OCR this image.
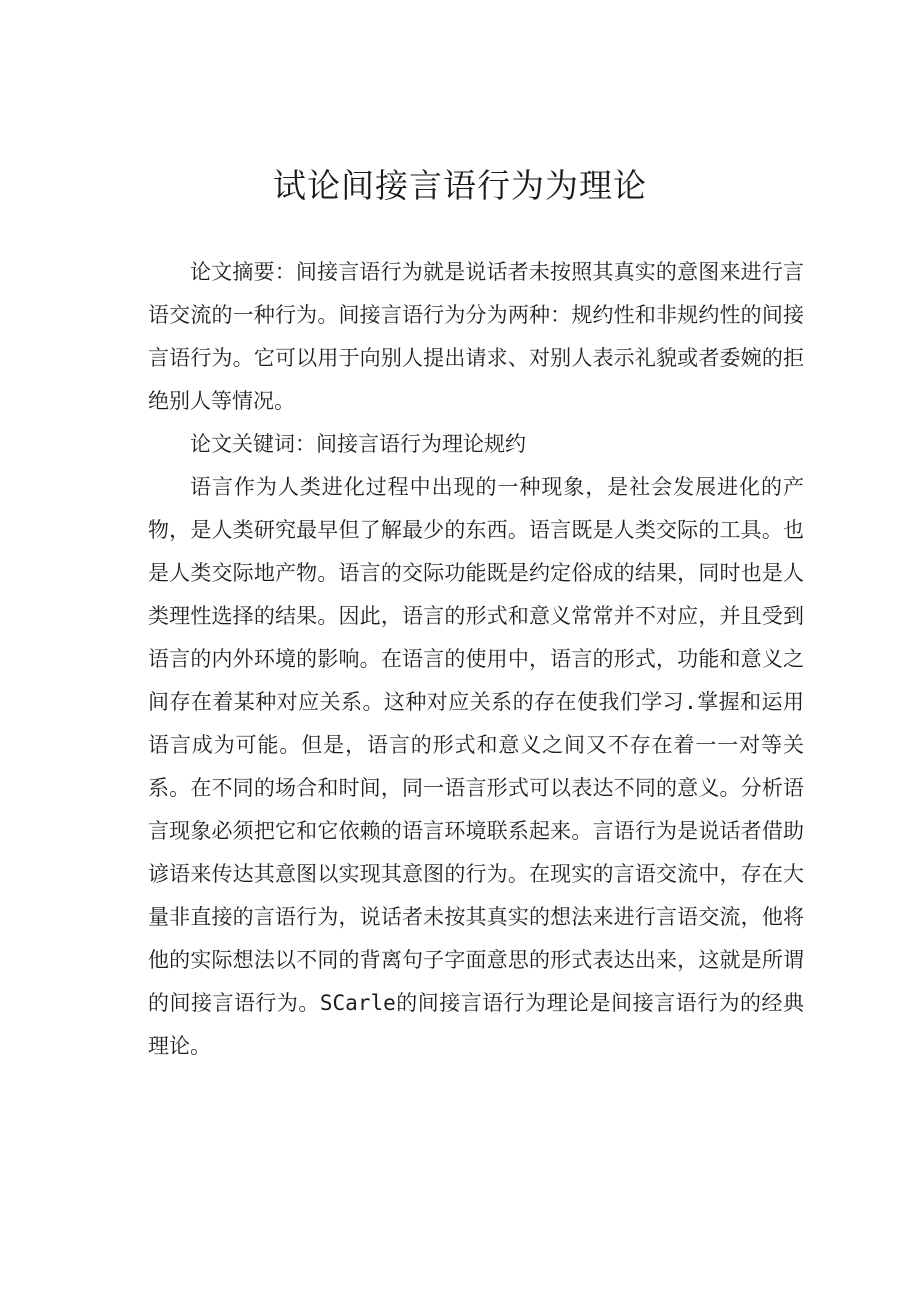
试论间接言语行为为理论

论文摘要：间接言语行为就是说话者未按照其真实的意图来进行言语交流的一种行为。间接言语行为分为两种：规约性和非规约性的间接言语行为。它可以用于向别人提出请求、对别人表示礼貌或者委婉的拒绝别人等情况。

论文关键词：间接言语行为理论规约

语言作为人类进化过程中出现的一种现象，是社会发展进化的产物，是人类研究最早但了解最少的东西。语言既是人类交际的工具。也是人类交际地产物。语言的交际功能既是约定俗成的结果，同时也是人类理性选择的结果。因此，语言的形式和意义常常并不对应，并且受到语言的内外环境的影响。在语言的使用中，语言的形式，功能和意义之间存在着某种对应关系。这种对应关系的存在使我们学习.掌握和运用语言成为可能。但是，语言的形式和意义之间又不存在着一一对等关系。在不同的场合和时间，同一语言形式可以表达不同的意义。分析语言现象必须把它和它依赖的语言环境联系起来。言语行为是说话者借助谚语来传达其意图以实现其意图的行为。在现实的言语交流中，存在大量非直接的言语行为，说话者未按其真实的想法来进行言语交流，他将他的实际想法以不同的背离句子字面意思的形式表达出来，这就是所谓的间接言语行为。SCarle的间接言语行为理论是间接言语行为的经典理论。
